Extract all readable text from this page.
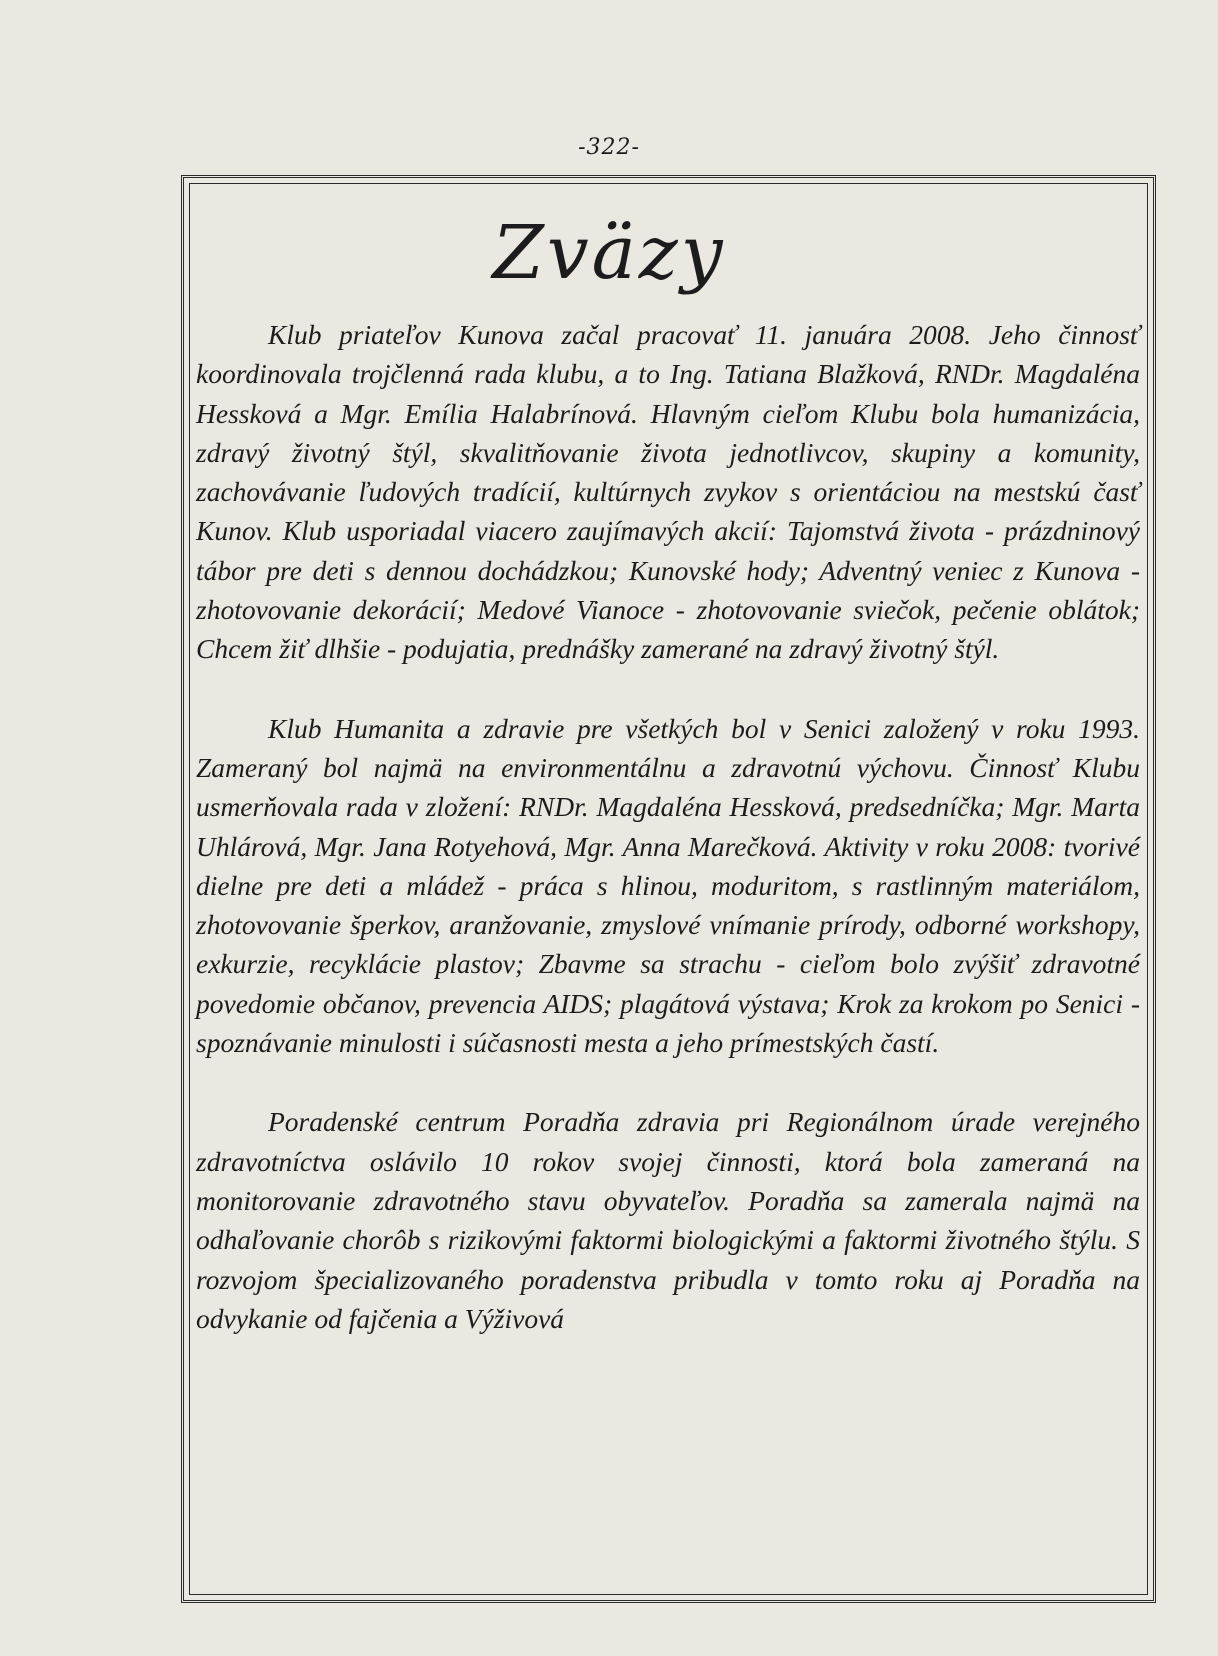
-322-
Zväzy

Klub priateľov Kunova začal pracovať 11. januára 2008. Jeho činnosť koordinovala trojčlenná rada klubu, a to Ing. Tatiana Blažková, RNDr. Magdaléna Hessková a Mgr. Emília Halabrínová. Hlavným cieľom Klubu bola humanizácia, zdravý životný štýl, skvalitňovanie života jednotlivcov, skupiny a komunity, zachovávanie ľudových tradícií, kultúrnych zvykov s orientáciou na mestskú časť Kunov. Klub usporiadal viacero zaujímavých akcií: Tajomstvá života - prázdninový tábor pre deti s dennou dochádzkou; Kunovské hody; Adventný veniec z Kunova - zhotovovanie dekorácií; Medové Vianoce - zhotovovanie sviečok, pečenie oblátok; Chcem žiť dlhšie - podujatia, prednášky zamerané na zdravý životný štýl.

Klub Humanita a zdravie pre všetkých bol v Senici založený v roku 1993. Zameraný bol najmä na environmentálnu a zdravotnú výchovu. Činnosť Klubu usmerňovala rada v zložení: RNDr. Magdaléna Hessková, predsedníčka; Mgr. Marta Uhlárová, Mgr. Jana Rotyehová, Mgr. Anna Marečková. Aktivity v roku 2008: tvorivé dielne pre deti a mládež - práca s hlinou, moduritom, s rastlinným materiálom, zhotovovanie šperkov, aranžovanie, zmyslové vnímanie prírody, odborné workshopy, exkurzie, recyklácie plastov; Zbavme sa strachu - cieľom bolo zvýšiť zdravotné povedomie občanov, prevencia AIDS; plagátová výstava; Krok za krokom po Senici - spoznávanie minulosti i súčasnosti mesta a jeho prímestských častí.

Poradenské centrum Poradňa zdravia pri Regionálnom úrade verejného zdravotníctva oslávilo 10 rokov svojej činnosti, ktorá bola zameraná na monitorovanie zdravotného stavu obyvateľov. Poradňa sa zamerala najmä na odhaľovanie chorôb s rizikovými faktormi biologickými a faktormi životného štýlu. S rozvojom špecializovaného poradenstva pribudla v tomto roku aj Poradňa na odvykanie od fajčenia a Výživová
